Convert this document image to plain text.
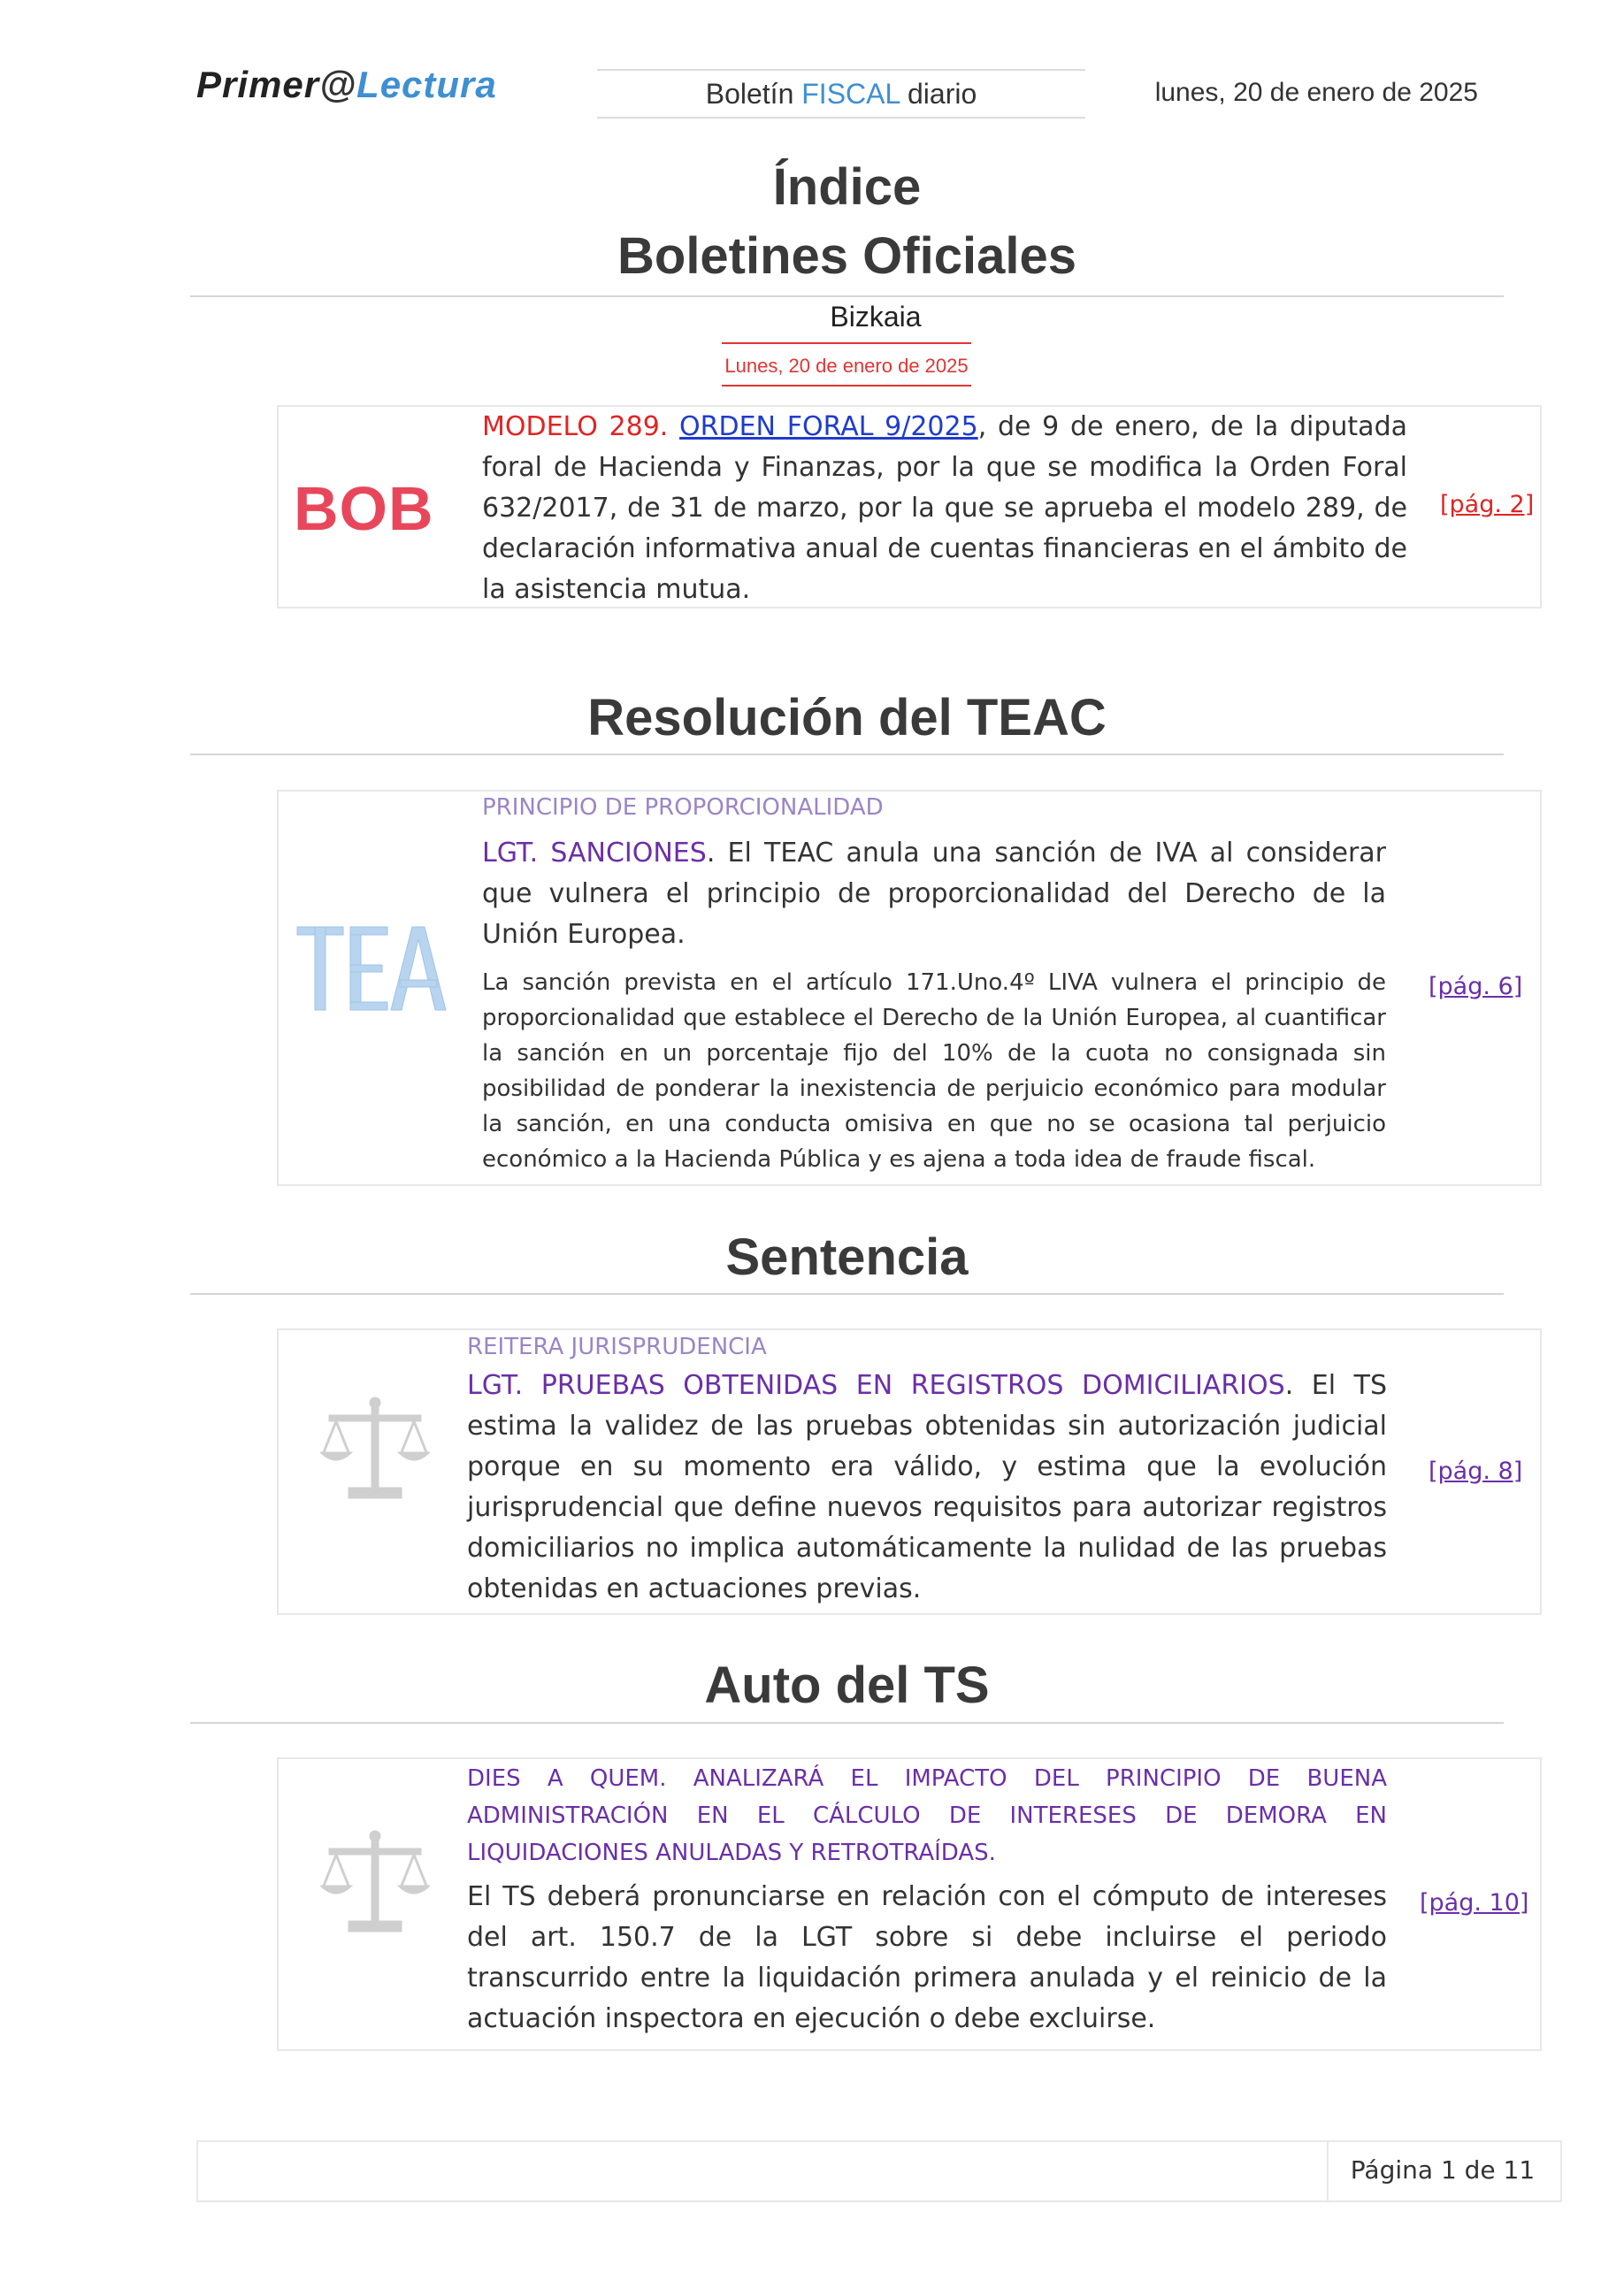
Primer@Lectura	Boletín FISCAL diario	lunes, 20 de enero de 2025
Índice
Boletines Oficiales
Bizkaia
Lunes, 20 de enero de 2025
BOB
MODELO 289. ORDEN FORAL 9/2025, de 9 de enero, de la diputada foral de Hacienda y Finanzas, por la que se modifica la Orden Foral 632/2017, de 31 de marzo, por la que se aprueba el modelo 289, de declaración informativa anual de cuentas financieras en el ámbito de la asistencia mutua.
[pág. 2]
Resolución del TEAC
PRINCIPIO DE PROPORCIONALIDAD
LGT. SANCIONES. El TEAC anula una sanción de IVA al considerar que vulnera el principio de proporcionalidad del Derecho de la Unión Europea.
La sanción prevista en el artículo 171.Uno.4º LIVA vulnera el principio de proporcionalidad que establece el Derecho de la Unión Europea, al cuantificar la sanción en un porcentaje fijo del 10% de la cuota no consignada sin posibilidad de ponderar la inexistencia de perjuicio económico para modular la sanción, en una conducta omisiva en que no se ocasiona tal perjuicio económico a la Hacienda Pública y es ajena a toda idea de fraude fiscal.
[pág. 6]
Sentencia
REITERA JURISPRUDENCIA
LGT. PRUEBAS OBTENIDAS EN REGISTROS DOMICILIARIOS. El TS estima la validez de las pruebas obtenidas sin autorización judicial porque en su momento era válido, y estima que la evolución jurisprudencial que define nuevos requisitos para autorizar registros domiciliarios no implica automáticamente la nulidad de las pruebas obtenidas en actuaciones previas.
[pág. 8]
Auto del TS
DIES A QUEM. ANALIZARÁ EL IMPACTO DEL PRINCIPIO DE BUENA ADMINISTRACIÓN EN EL CÁLCULO DE INTERESES DE DEMORA EN LIQUIDACIONES ANULADAS Y RETROTRAÍDAS.
El TS deberá pronunciarse en relación con el cómputo de intereses del art. 150.7 de la LGT sobre si debe incluirse el periodo transcurrido entre la liquidación primera anulada y el reinicio de la actuación inspectora en ejecución o debe excluirse.
[pág. 10]
Página 1 de 11
